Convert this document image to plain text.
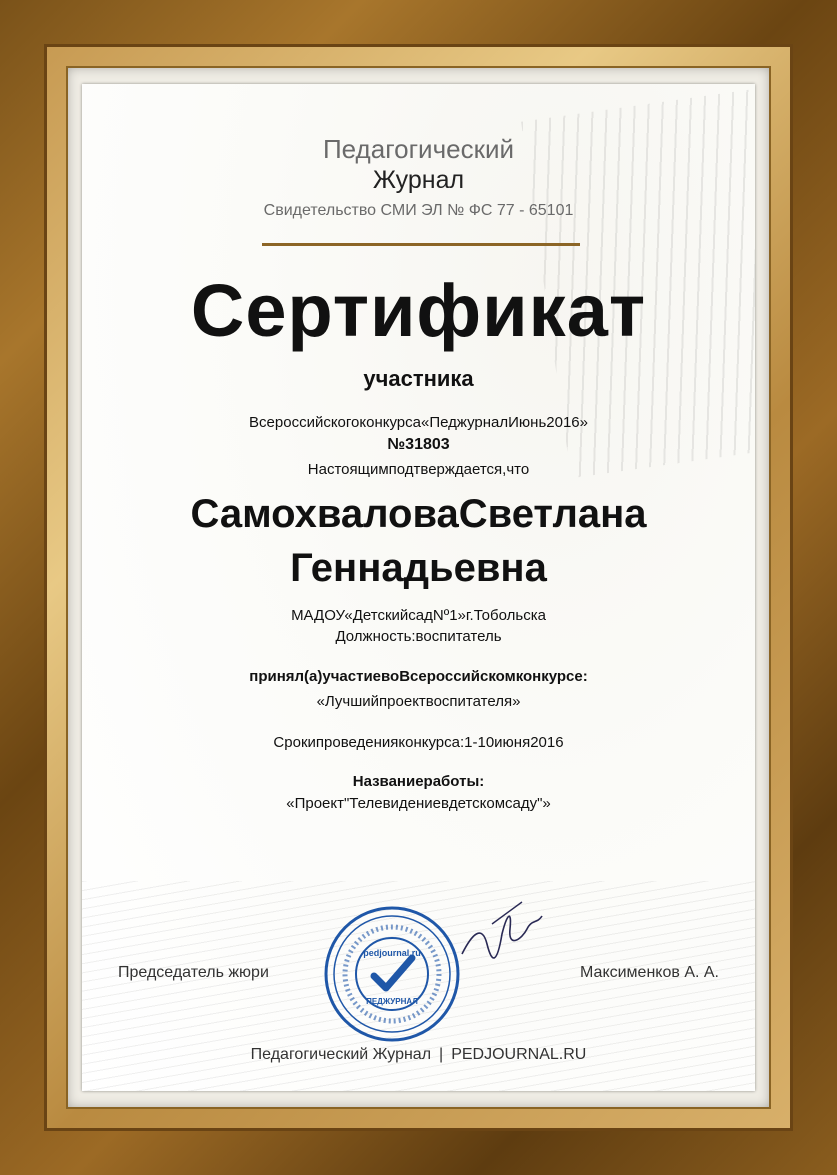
Педагогический
Журнал
Свидетельство СМИ ЭЛ № ФС 77 - 65101
Сертификат
участника
Всероссийскогоконкурса«ПеджурналИюнь2016»
№31803
Настоящимподтверждается,что
СамохваловаСветлана
Геннадьевна
МАДОУ«ДетскийсадNº1»г.Тобольска
Должность:воспитатель
принял(а)участиевоВсероссийскомконкурсе:
«Лучшийпроектвоспитателя»
Срокипроведенияконкурса:1-10июня2016
Названиеработы:
«Проект"Телевидениевдетскомсаду"»
Председатель жюри	Максименков А. А.
pedjournal.ru
ПЕДЖУРНАЛ
Педагогический Журнал | PEDJOURNAL.RU
